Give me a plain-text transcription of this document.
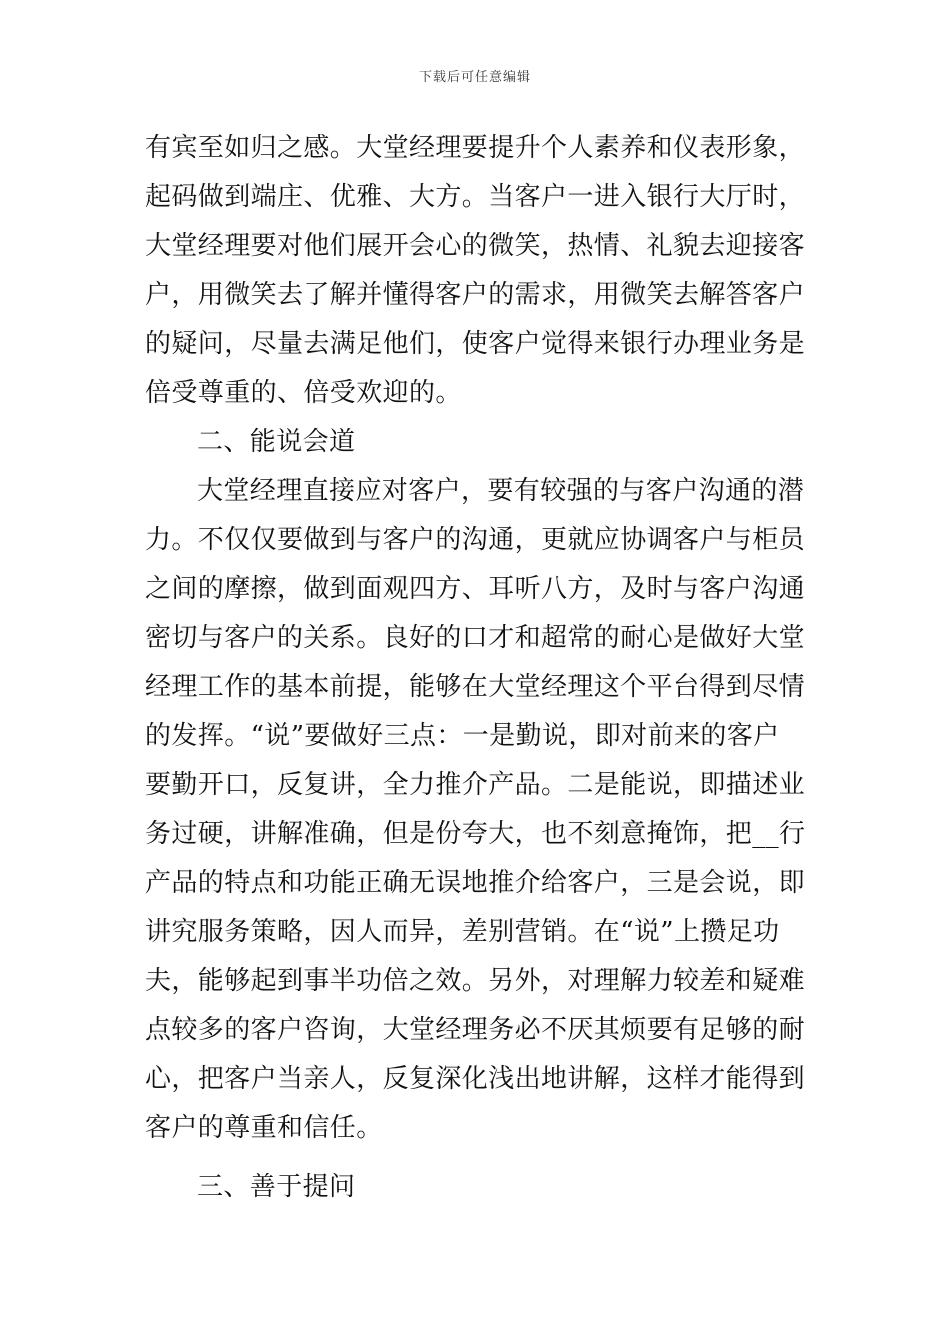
下载后可任意编辑
有宾至如归之感。大堂经理要提升个人素养和仪表形象，
起码做到端庄、优雅、大方。当客户一进入银行大厅时，
大堂经理要对他们展开会心的微笑，热情、礼貌去迎接客
户，用微笑去了解并懂得客户的需求，用微笑去解答客户
的疑问，尽量去满足他们，使客户觉得来银行办理业务是
倍受尊重的、倍受欢迎的。
二、能说会道
大堂经理直接应对客户，要有较强的与客户沟通的潜
力。不仅仅要做到与客户的沟通，更就应协调客户与柜员
之间的摩擦，做到面观四方、耳听八方，及时与客户沟通
密切与客户的关系。良好的口才和超常的耐心是做好大堂
经理工作的基本前提，能够在大堂经理这个平台得到尽情
的发挥。“说”要做好三点：一是勤说，即对前来的客户
要勤开口，反复讲，全力推介产品。二是能说，即描述业
务过硬，讲解准确，但是份夸大，也不刻意掩饰，把__行
产品的特点和功能正确无误地推介给客户，三是会说，即
讲究服务策略，因人而异，差别营销。在“说”上攒足功
夫，能够起到事半功倍之效。另外，对理解力较差和疑难
点较多的客户咨询，大堂经理务必不厌其烦要有足够的耐
心，把客户当亲人，反复深化浅出地讲解，这样才能得到
客户的尊重和信任。
三、善于提问
